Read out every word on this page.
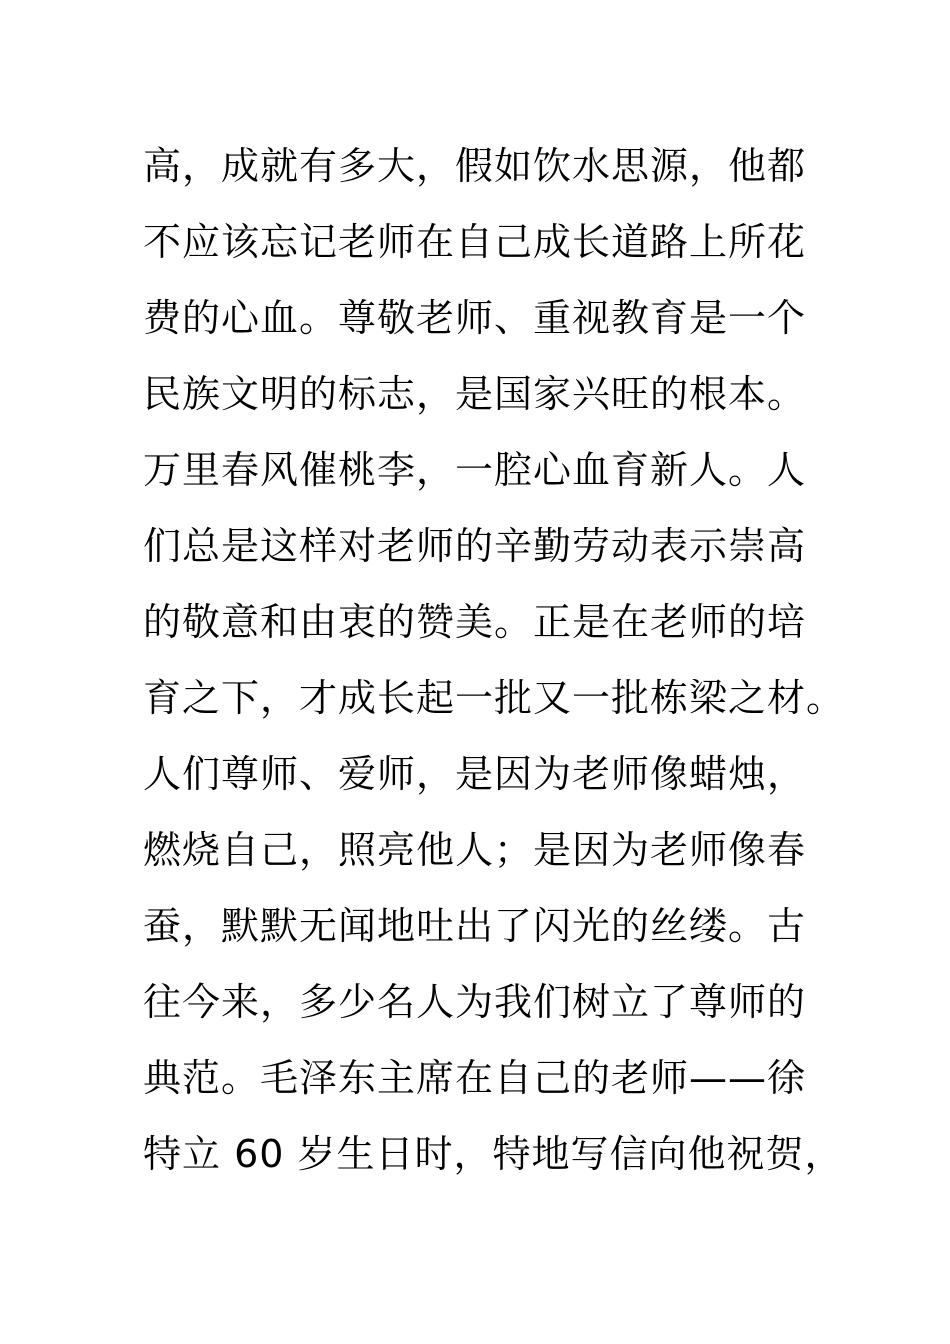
高，成就有多大，假如饮水思源，他都
不应该忘记老师在自己成长道路上所花
费的心血。尊敬老师、重视教育是一个
民族文明的标志，是国家兴旺的根本。
万里春风催桃李，一腔心血育新人。人
们总是这样对老师的辛勤劳动表示崇高
的敬意和由衷的赞美。正是在老师的培
育之下，才成长起一批又一批栋梁之材。
人们尊师、爱师，是因为老师像蜡烛，
燃烧自己，照亮他人；是因为老师像春
蚕，默默无闻地吐出了闪光的丝缕。古
往今来，多少名人为我们树立了尊师的
典范。毛泽东主席在自己的老师——徐
特立 60 岁生日时，特地写信向他祝贺，
